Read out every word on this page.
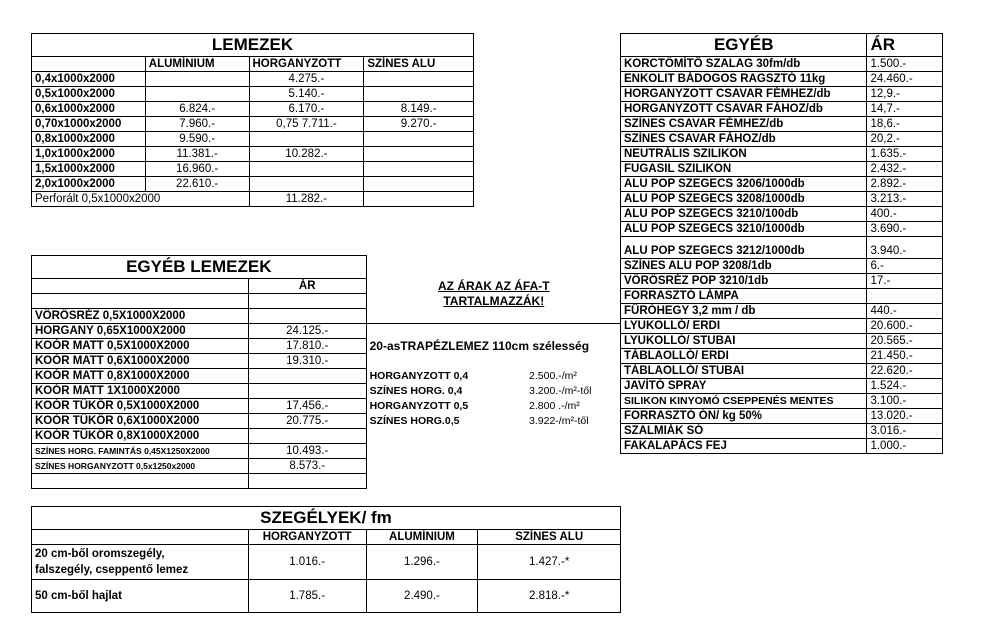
LEMEZEK			
	ALUMÍNIUM	HORGANYZOTT	SZÍNES ALU
0,4x1000x2000		4.275.-	
0,5x1000x2000		5.140.-	
0,6x1000x2000	6.824.-	6.170.-	8.149.-
0,70x1000x2000	7.960.-	0,75 7.711.-	9.270.-
0,8x1000x2000	9.590.-		
1,0x1000x2000	11.381.-	10.282.-	
1,5x1000x2000	16.960.-		
2,0x1000x2000	22.610.-		
Perforált 0,5x1000x2000		11.282.-	
EGYÉB	ÁR
KORCTÖMÍTŐ SZALAG 30fm/db	1.500.-
ENKOLIT BÁDOGOS RAGSZTÓ 11kg	24.460.-
HORGANYZOTT CSAVAR FÉMHEZ/db	12,9.-
HORGANYZOTT CSAVAR FÁHOZ/db	14,7.-
SZÍNES CSAVAR FÉMHEZ/db	18,6.-
SZÍNES CSAVAR FÁHOZ/db	20,2.-
NEUTRÁLIS SZILIKON	1.635.-
FUGASIL SZILIKON	2.432.-
ALU POP SZEGECS 3206/1000db	2.892.-
ALU POP SZEGECS 3208/1000db	3.213.-
ALU POP SZEGECS 3210/100db	400.-
ALU POP SZEGECS 3210/1000db	3.690.-
ALU POP SZEGECS 3212/1000db	3.940.-
SZÍNES ALU POP 3208/1db	6.-
VÖRÖSRÉZ POP 3210/1db	17.-
FORRASZTÓ LÁMPA	
FŰRÓHEGY 3,2 mm / db	440.-
LYUKOLLÓ/ ERDI	20.600.-
LYUKOLLÓ/ STUBAI	20.565.-
TÁBLAOLLÓ/ ERDI	21.450.-
TÁBLAOLLÓ/ STUBAI	22.620.-
JAVÍTÓ SPRAY	1.524.-
SILIKON KINYOMÓ CSEPPENÉS MENTES	3.100.-
FORRASZTÓ ÓN/ kg 50%	13.020.-
SZALMIÁK SÓ	3.016.-
FAKALAPÁCS FEJ	1.000.-
EGYÉB LEMEZEK			
	ÁR	AZ ÁRAK AZ ÁFA-T	
		TARTALMAZZÁK!	
VÖRÖSRÉZ 0,5X1000X2000			
HORGANY 0,65X1000X2000	24.125.-		
KOÓR MATT 0,5X1000X2000	17.810.-	20-asTRAPÉZLEMEZ 110cm szélesség	
KOÓR MATT 0,6X1000X2000	19.310.-		
KOÓR MATT 0,8X1000X2000		HORGANYZOTT 0,4	2.500.-/m²
KOÓR MATT 1X1000X2000		SZÍNES HORG. 0,4	3.200.-/m²-től
KOÓR TÜKÖR 0,5X1000X2000	17.456.-	HORGANYZOTT 0,5	2.800 .-/m²
KOÓR TÜKÖR 0,6X1000X2000	20.775.-	SZÍNES HORG.0,5	3.922-/m²-től
KOÓR TÜKÖR 0,8X1000X2000			
SZÍNES HORG. FAMINTÁS 0,45X1250X2000	10.493.-		
SZÍNES HORGANYZOTT 0,5x1250x2000	8.573.-		

SZEGÉLYEK/ fm			
	HORGANYZOTT	ALUMÍNIUM	SZÍNES ALU

20 cm-ből oromszegély,
falszegély, cseppentő lemez	1.016.-	1.296.-	1.427.-*
50 cm-ből hajlat	1.785.-	2.490.-	2.818.-*
